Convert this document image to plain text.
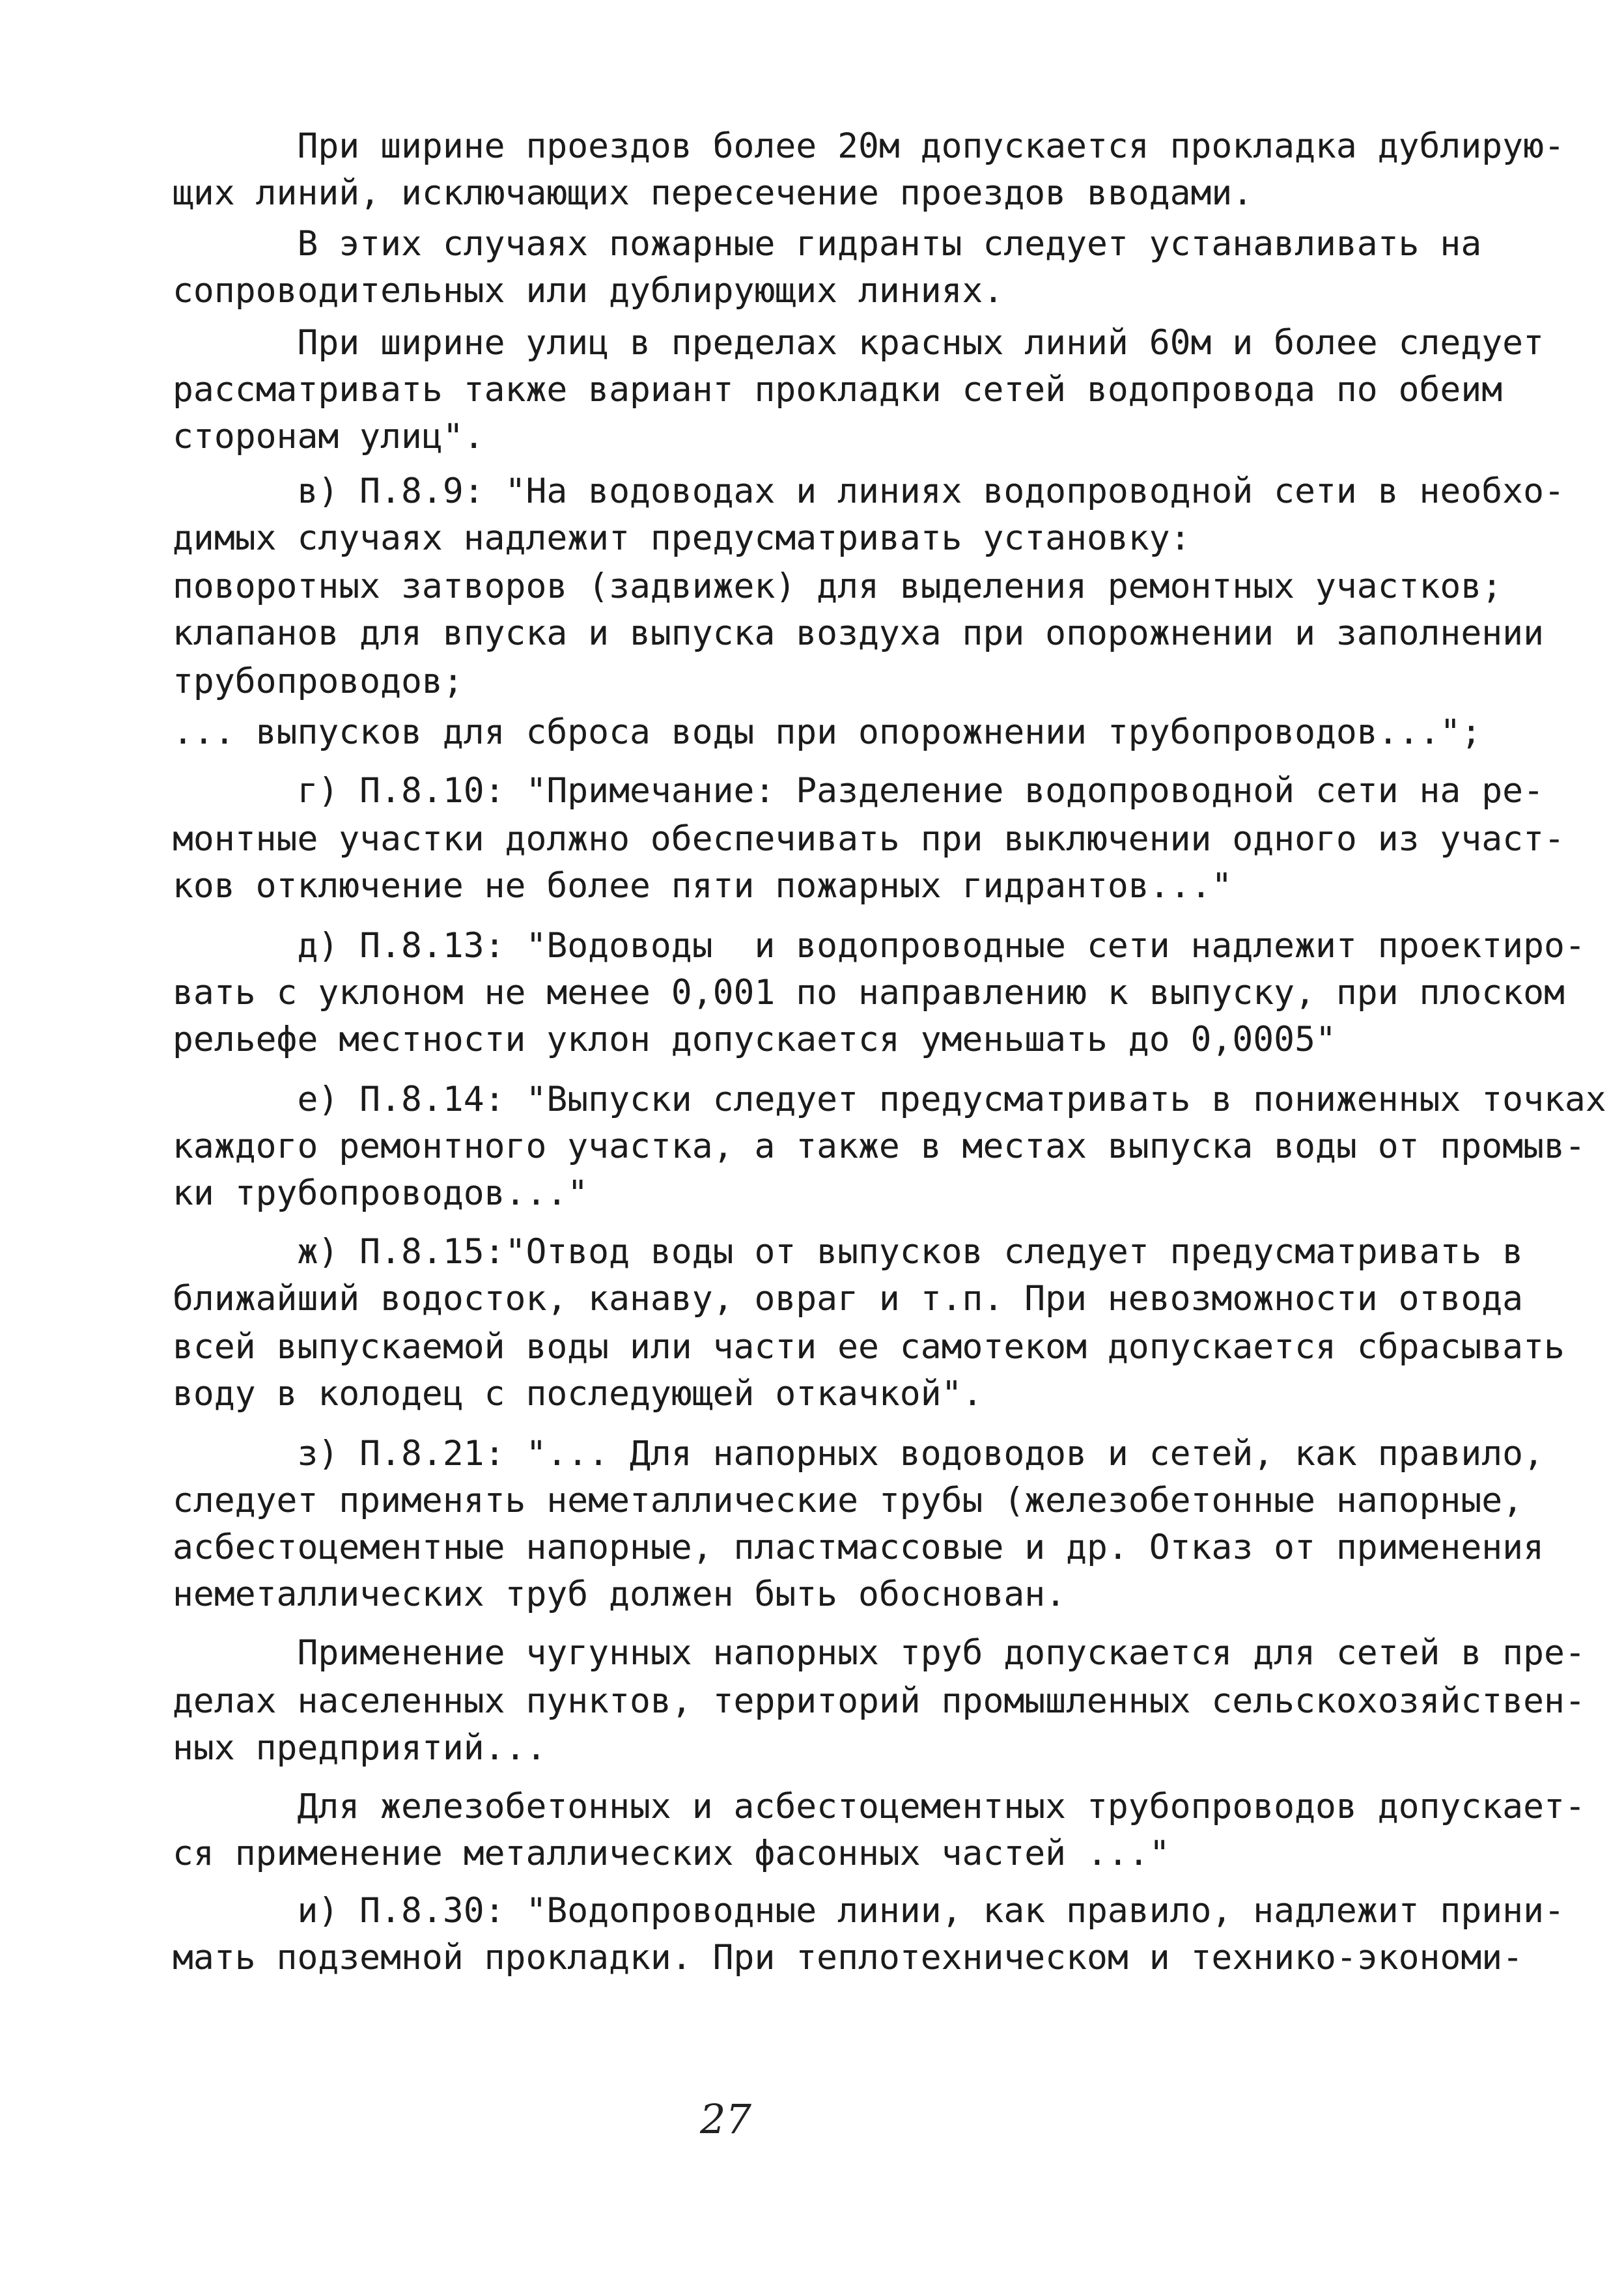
При ширине проездов более 20м допускается прокладка дублирую-
щих линий, исключающих пересечение проездов вводами.
В этих случаях пожарные гидранты следует устанавливать на
сопроводительных или дублирующих линиях.
При ширине улиц в пределах красных линий 60м и более следует
рассматривать также вариант прокладки сетей водопровода по обеим
сторонам улиц".
в) П.8.9: "На водоводах и линиях водопроводной сети в необхо-
димых случаях надлежит предусматривать установку:
поворотных затворов (задвижек) для выделения ремонтных участков;
клапанов для впуска и выпуска воздуха при опорожнении и заполнении
трубопроводов;
... выпусков для сброса воды при опорожнении трубопроводов...";
г) П.8.10: "Примечание: Разделение водопроводной сети на ре-
монтные участки должно обеспечивать при выключении одного из участ-
ков отключение не более пяти пожарных гидрантов..."
д) П.8.13: "Водоводы  и водопроводные сети надлежит проектиро-
вать с уклоном не менее 0,001 по направлению к выпуску, при плоском
рельефе местности уклон допускается уменьшать до 0,0005"
е) П.8.14: "Выпуски следует предусматривать в пониженных точках
каждого ремонтного участка, а также в местах выпуска воды от промыв-
ки трубопроводов..."
ж) П.8.15:"Отвод воды от выпусков следует предусматривать в
ближайший водосток, канаву, овраг и т.п. При невозможности отвода
всей выпускаемой воды или части ее самотеком допускается сбрасывать
воду в колодец с последующей откачкой".
з) П.8.21: "... Для напорных водоводов и сетей, как правило,
следует применять неметаллические трубы (железобетонные напорные,
асбестоцементные напорные, пластмассовые и др. Отказ от применения
неметаллических труб должен быть обоснован.
Применение чугунных напорных труб допускается для сетей в пре-
делах населенных пунктов, территорий промышленных сельскохозяйствен-
ных предприятий...
Для железобетонных и асбестоцементных трубопроводов допускает-
ся применение металлических фасонных частей ..."
и) П.8.30: "Водопроводные линии, как правило, надлежит прини-
мать подземной прокладки. При теплотехническом и технико-экономи-
27
